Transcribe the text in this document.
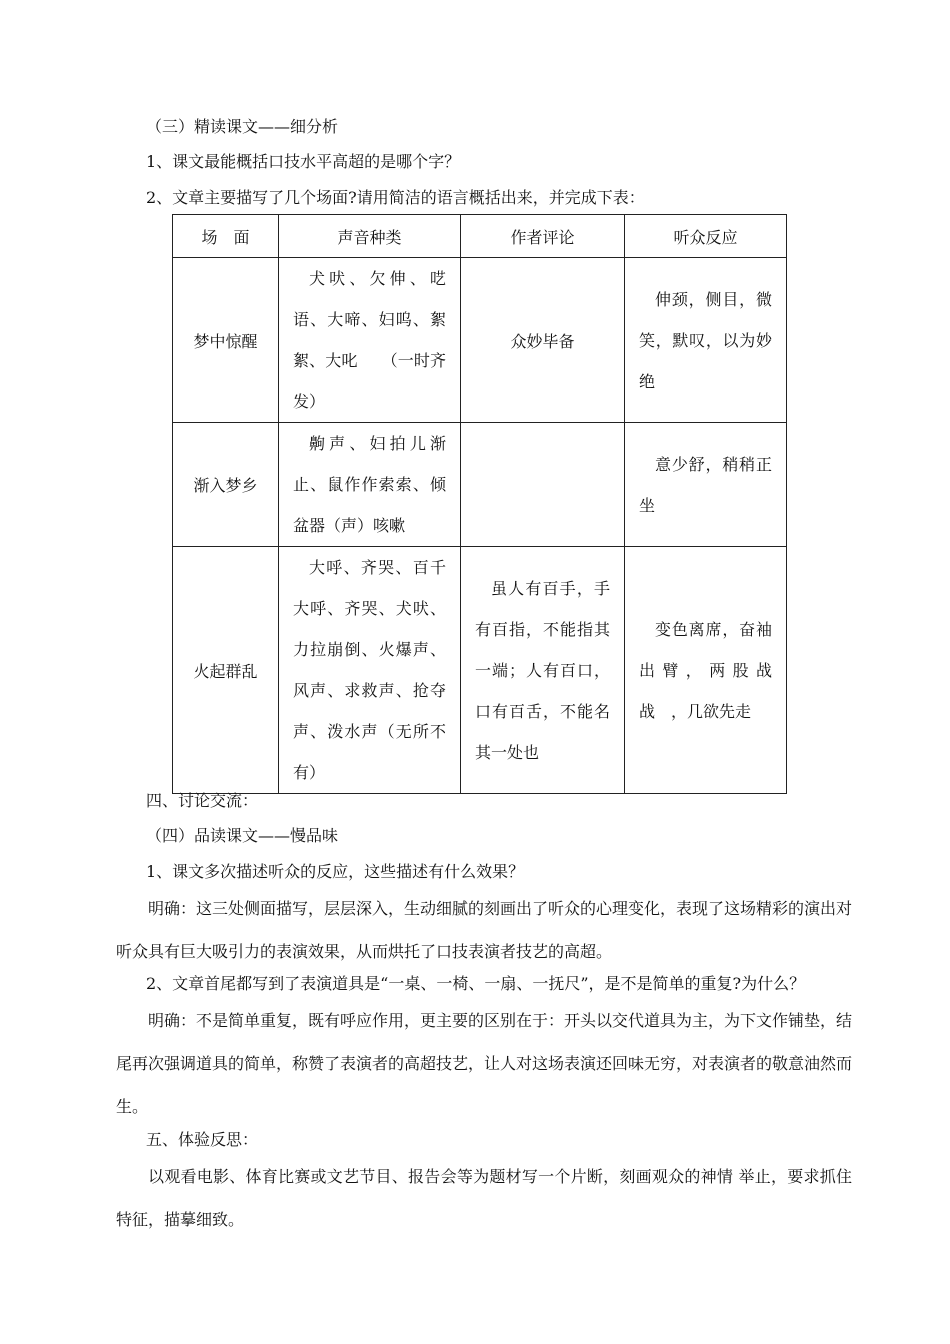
（三）精读课文——细分析
1、课文最能概括口技水平高超的是哪个字？
2、文章主要描写了几个场面?请用简洁的语言概括出来，并完成下表：
场　面	声音种类	作者评论	听众反应
梦中惊醒	犬吠、欠伸、呓语、大啼、妇呜、絮絮、大叱　　（一时齐发）	众妙毕备	伸颈，侧目，微笑，默叹，以为妙绝

渐入梦乡	齁声、妇拍儿渐止、鼠作作索索、倾盆器（声）咳嗽		意少舒，稍稍正坐

火起群乱	大呼、齐哭、百千大呼、齐哭、犬吠、力拉崩倒、火爆声、风声、求救声、抢夺声、泼水声（无所不有）	虽人有百手，手有百指，不能指其一端；人有百口，口有百舌，不能名其一处也	变色离席，奋袖出臂，两股战战　，几欲先走
四、讨论交流：
（四）品读课文——慢品味
1、课文多次描述听众的反应，这些描述有什么效果？
明确：这三处侧面描写，层层深入，生动细腻的刻画出了听众的心理变化，表现了这场精彩的演出对听众具有巨大吸引力的表演效果，从而烘托了口技表演者技艺的高超。
2、文章首尾都写到了表演道具是“一桌、一椅、一扇、一抚尺”，是不是简单的重复?为什么？
明确：不是简单重复，既有呼应作用，更主要的区别在于：开头以交代道具为主，为下文作铺垫，结尾再次强调道具的简单，称赞了表演者的高超技艺，让人对这场表演还回味无穷，对表演者的敬意油然而生。
五、体验反思：
以观看电影、体育比赛或文艺节目、报告会等为题材写一个片断，刻画观众的神情 举止，要求抓住特征，描摹细致。
